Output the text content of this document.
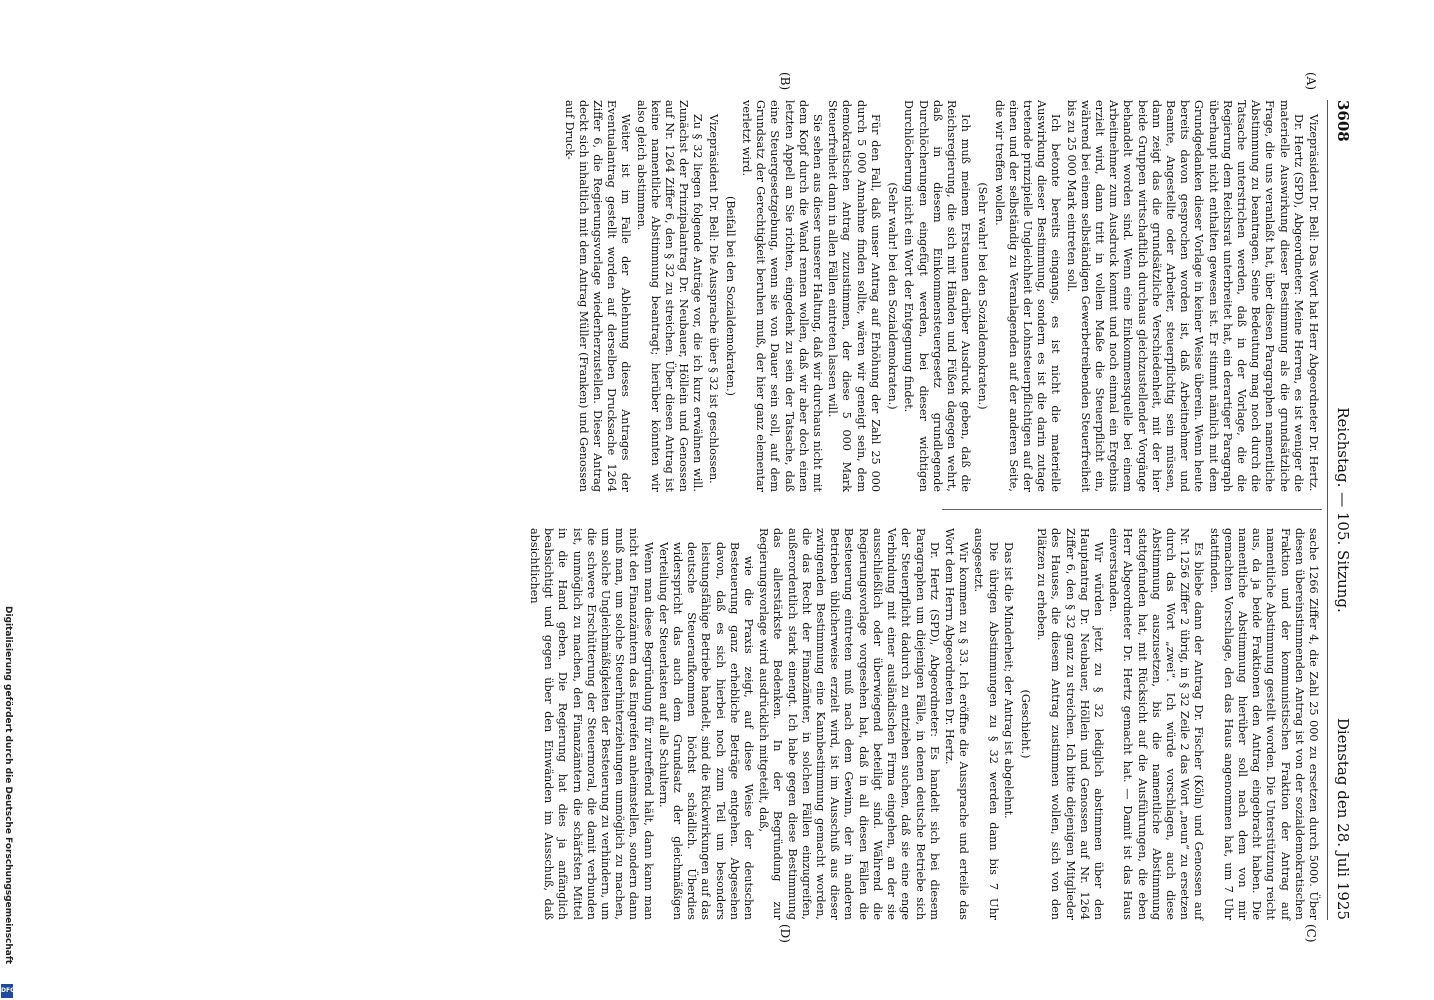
3608
Reichstag. — 105. Sitzung.
Dienstag den 28. Juli 1925
(A)
(B)
(C)
(D)

Vizepräsident Dr. Bell: Das Wort hat Herr Abgeordneter Dr. Hertz.

Dr. Hertz (SPD), Abgeordneter: Meine Herren, es ist weniger die materielle Auswirkung dieser Bestimmung als die grundsätzliche Frage, die uns veranlaßt hat, über diesen Paragraphen namentliche Abstimmung zu beantragen. Seine Bedeutung mag noch durch die Tatsache unterstrichen werden, daß in der Vorlage, die die Regierung dem Reichsrat unterbreitet hat, ein derartiger Paragraph überhaupt nicht enthalten gewesen ist. Er stimmt nämlich mit dem Grundgedanken dieser Vorlage in keiner Weise überein. Wenn heute bereits davon gesprochen worden ist, daß Arbeitnehmer und Beamte, Angestellte oder Arbeiter, steuerpflichtig sein müssen, dann zeigt das die grundsätzliche Verschiedenheit, mit der hier beide Gruppen wirtschaftlich durchaus gleichzustellender Vorgänge behandelt worden sind. Wenn eine Einkommensquelle bei einem Arbeitnehmer zum Ausdruck kommt und noch einmal ein Ergebnis erzielt wird, dann tritt in vollem Maße die Steuerpflicht ein, während bei einem selbständigen Gewerbetreibenden Steuerfreiheit bis zu 25 000 Mark eintreten soll.

Ich betonte bereits eingangs, es ist nicht die materielle Auswirkung dieser Bestimmung, sondern es ist die darin zutage tretende prinzipielle Ungleichheit der Lohnsteuerpflichtigen auf der einen und der selbständig zu Veranlagenden auf der anderen Seite, die wir treffen wollen.

(Sehr wahr! bei den Sozialdemokraten.)

Ich muß meinem Erstaunen darüber Ausdruck geben, daß die Reichsregierung, die sich mit Händen und Füßen dagegen wehrt, daß in diesem Einkommensteuergesetz grundlegende Durchlöcherungen eingefügt werden, bei dieser wichtigen Durchlöcherung nicht ein Wort der Entgegnung findet.

(Sehr wahr! bei den Sozialdemokraten.)

Für den Fall, daß unser Antrag auf Erhöhung der Zahl 25 000 durch 5 000 Annahme finden sollte, wären wir geneigt sein, dem demokratischen Antrag zuzustimmen, der diese 5 000 Mark Steuerfreiheit dann in allen Fällen eintreten lassen will.

Sie sehen aus dieser unserer Haltung, daß wir durchaus nicht mit dem Kopf durch die Wand rennen wollen, daß wir aber doch einen letzten Appell an Sie richten, eingedenk zu sein der Tatsache, daß eine Steuergesetzgebung, wenn sie von Dauer sein soll, auf dem Grundsatz der Gerechtigkeit beruhen muß, der hier ganz elementar verletzt wird.

(Beifall bei den Sozialdemokraten.)

Vizepräsident Dr. Bell: Die Aussprache über § 32 ist geschlossen.

Zu § 32 liegen folgende Anträge vor, die ich kurz erwähnen will. Zunächst der Prinzipalantrag Dr. Neubauer, Höllein und Genossen auf Nr. 1264 Ziffer 6, den § 32 zu streichen. Über diesen Antrag ist keine namentliche Abstimmung beantragt; hierüber könnten wir also gleich abstimmen.

Weiter ist im Falle der Ablehnung dieses Antrages der Eventualantrag gestellt worden auf derselben Drucksache 1264 Ziffer 6, die Regierungsvorlage wiederherzustellen. Dieser Antrag deckt sich inhaltlich mit dem Antrag Müller (Franken) und Genossen auf Druck-

sache 1266 Ziffer 4, die Zahl 25 000 zu ersetzen durch 5000. Über diesen übereinstimmenden Antrag ist von der sozialdemokratischen Fraktion und der kommunistischen Fraktion der Antrag auf namentliche Abstimmung gestellt worden. Die Unterstützung reicht aus, da ja beide Fraktionen den Antrag eingebracht haben. Die namentliche Abstimmung hierüber soll nach dem von mir gemachten Vorschlage, den das Haus angenommen hat, um 7 Uhr stattfinden.

Es bliebe dann der Antrag Dr. Fischer (Köln) und Genossen auf Nr. 1256 Ziffer 2 übrig, in § 32 Zeile 2 das Wort „neun“ zu ersetzen durch das Wort „zwei“. Ich würde vorschlagen, auch diese Abstimmung auszusetzen, bis die namentliche Abstimmung stattgefunden hat, mit Rücksicht auf die Ausführungen, die eben Herr Abgeordneter Dr. Hertz gemacht hat. — Damit ist das Haus einverstanden.

Wir würden jetzt zu § 32 lediglich abstimmen über den Hauptantrag Dr. Neubauer, Höllein und Genossen auf Nr. 1264 Ziffer 6, den § 32 ganz zu streichen. Ich bitte diejenigen Mitglieder des Hauses, die diesem Antrag zustimmen wollen, sich von den Plätzen zu erheben.

(Geschieht.)

Das ist die Minderheit; der Antrag ist abgelehnt.

Die übrigen Abstimmungen zu § 32 werden dann bis 7 Uhr ausgesetzt.

Wir kommen zu § 33. Ich eröffne die Aussprache und erteile das Wort dem Herrn Abgeordneten Dr. Hertz.

Dr. Hertz (SPD), Abgeordneter: Es handelt sich bei diesem Paragraphen um diejenigen Fälle, in denen deutsche Betriebe sich der Steuerpflicht dadurch zu entziehen suchen, daß sie eine enge Verbindung mit einer ausländischen Firma eingehen, an der sie ausschließlich oder überwiegend beteiligt sind. Während die Regierungsvorlage vorgesehen hat, daß in all diesen Fällen die Besteuerung eintreten muß nach dem Gewinn, der in anderen Betrieben üblicherweise erzielt wird, ist im Ausschuß aus dieser zwingenden Bestimmung eine Kannbestimmung gemacht worden, die das Recht der Finanzämter, in solchen Fällen einzugreifen, außerordentlich stark einengt. Ich habe gegen diese Bestimmung das allerstärkste Bedenken. In der Begründung zur Regierungsvorlage wird ausdrücklich mitgeteilt, daß,

wie die Praxis zeigt, auf diese Weise der deutschen Besteuerung ganz erhebliche Beträge entgehen. Abgesehen davon, daß es sich hierbei noch zum Teil um besonders leistungsfähige Betriebe handelt, sind die Rückwirkungen auf das deutsche Steueraufkommen höchst schädlich. Überdies widerspricht das auch dem Grundsatz der gleichmäßigen Verteilung der Steuerlasten auf alle Schultern.

Wenn man diese Begründung für zutreffend hält, dann kann man nicht den Finanzämtern das Eingreifen anheimstellen, sondern dann muß man, um solche Steuerhinterziehungen unmöglich zu machen, um solche Ungleichmäßigkeiten der Besteuerung zu verhindern, um die schwere Erschütterung der Steuermoral, die damit verbunden ist, unmöglich zu machen, den Finanzämtern die schärfsten Mittel in die Hand geben. Die Regierung hat dies ja anfänglich beabsichtigt und gegen über den Einwänden im Ausschuß, daß absichtlichen

Digitalisierung gefördert durch die Deutsche Forschungsgemeinschaft
DFG
